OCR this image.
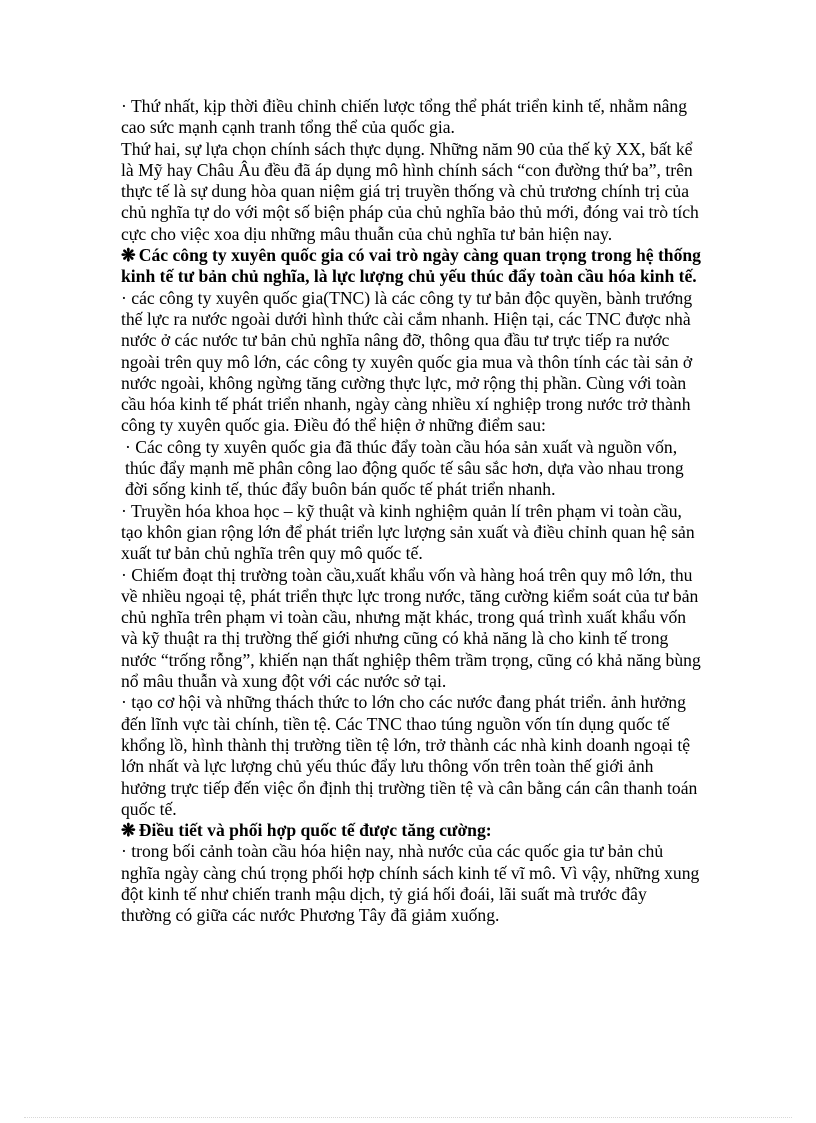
· Thứ nhất, kịp thời điều chỉnh chiến lược tổng thể phát triển kinh tế, nhằm nâng cao sức mạnh cạnh tranh tổng thể của quốc gia.

Thứ hai, sự lựa chọn chính sách thực dụng. Những năm 90 của thế kỷ XX, bất kể là Mỹ hay Châu Âu đều đã áp dụng mô hình chính sách “con đường thứ ba”, trên thực tế là sự dung hòa quan niệm giá trị truyền thống và chủ trương chính trị của chủ nghĩa tự do với một số biện pháp của chủ nghĩa bảo thủ mới, đóng vai trò tích cực cho việc xoa dịu những mâu thuẫn của chủ nghĩa tư bản hiện nay.

❋ Các công ty xuyên quốc gia có vai trò ngày càng quan trọng trong hệ thống kinh tế tư bản chủ nghĩa, là lực lượng chủ yếu thúc đẩy toàn cầu hóa kinh tế.

· các công ty xuyên quốc gia(TNC) là các công ty tư bản độc quyền, bành trướng thế lực ra nước ngoài dưới hình thức cài cắm nhanh. Hiện tại, các TNC được nhà nước ở các nước tư bản chủ nghĩa nâng đỡ, thông qua đầu tư trực tiếp ra nước ngoài trên quy mô lớn, các công ty xuyên quốc gia mua và thôn tính các tài sản ở nước ngoài, không ngừng tăng cường thực lực, mở rộng thị phần. Cùng với toàn cầu hóa kinh tế phát triển nhanh, ngày càng nhiều xí nghiệp trong nước trở thành công ty xuyên quốc gia. Điều đó thể hiện ở những điểm sau:

· Các công ty xuyên quốc gia đã thúc đẩy toàn cầu hóa sản xuất và nguồn vốn, thúc đẩy mạnh mẽ phân công lao động quốc tế sâu sắc hơn, dựa vào nhau trong đời sống kinh tế, thúc đẩy buôn bán quốc tế phát triển nhanh.

· Truyền hóa khoa học – kỹ thuật và kinh nghiệm quản lí trên phạm vi toàn cầu, tạo khôn gian rộng lớn để phát triển lực lượng sản xuất và điều chỉnh quan hệ sản xuất tư bản chủ nghĩa trên quy mô quốc tế.

· Chiếm đoạt thị trường toàn cầu,xuất khẩu vốn và hàng hoá trên quy mô lớn, thu về nhiều ngoại tệ, phát triển thực lực trong nước, tăng cường kiểm soát của tư bản chủ nghĩa trên phạm vi toàn cầu, nhưng mặt khác, trong quá trình xuất khẩu vốn và kỹ thuật ra thị trường thế giới nhưng cũng có khả năng là cho kinh tế trong nước “trống rỗng”, khiến nạn thất nghiệp thêm trầm trọng, cũng có khả năng bùng nổ mâu thuẫn và xung đột với các nước sở tại.

· tạo cơ hội và những thách thức to lớn cho các nước đang phát triển. ảnh hưởng đến lĩnh vực tài chính, tiền tệ. Các TNC thao túng nguồn vốn tín dụng quốc tế khổng lồ, hình thành thị trường tiền tệ lớn, trở thành các nhà kinh doanh ngoại tệ lớn nhất và lực lượng chủ yếu thúc đẩy lưu thông vốn trên toàn thế giới ảnh hưởng trực tiếp đến việc ổn định thị trường tiền tệ và cân bằng cán cân thanh toán quốc tế.

❋ Điều tiết và phối hợp quốc tế được tăng cường:

· trong bối cảnh toàn cầu hóa hiện nay, nhà nước của các quốc gia tư bản chủ nghĩa ngày càng chú trọng phối hợp chính sách kinh tế vĩ mô. Vì vậy, những xung đột kinh tế như chiến tranh mậu dịch, tỷ giá hối đoái, lãi suất mà trước đây thường có giữa các nước Phương Tây đã giảm xuống.
